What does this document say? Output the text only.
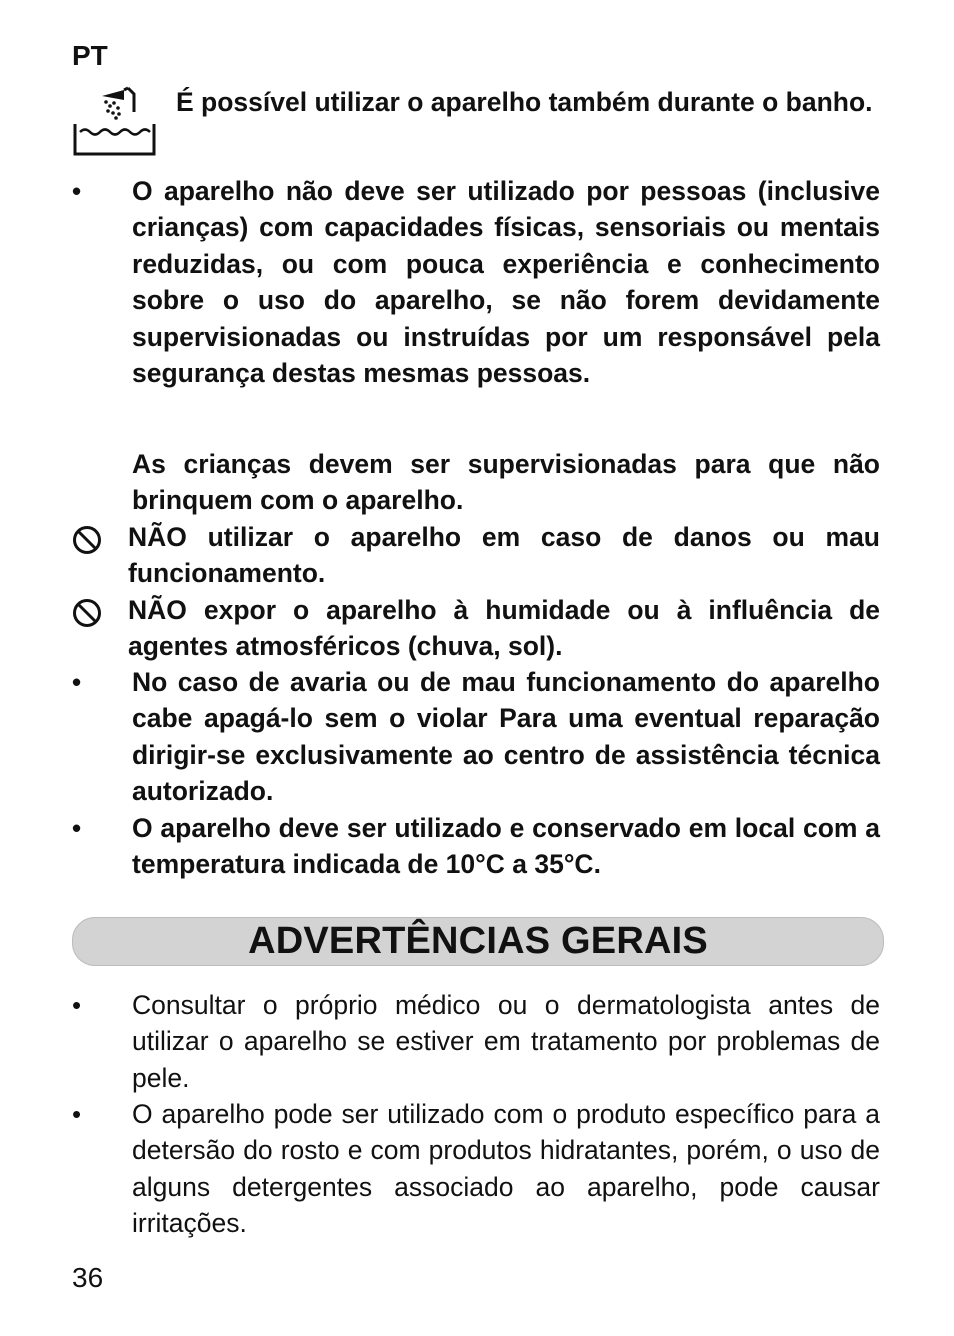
PT
É possível utilizar o aparelho também durante o banho.
• O aparelho não deve ser utilizado por pessoas (inclusive crianças) com capacidades físicas, sensoriais ou mentais reduzidas, ou com pouca experiência e conhecimento sobre o uso do aparelho, se não forem devidamente supervisionadas ou instruídas por um responsável pela segurança destas mesmas pessoas.
As crianças devem ser supervisionadas para que não brinquem com o aparelho.
NÃO utilizar o aparelho em caso de danos ou mau funcionamento.
NÃO expor o aparelho à humidade ou à influência de agentes atmosféricos (chuva, sol).
• No caso de avaria ou de mau funcionamento do aparelho cabe apagá-lo sem o violar Para uma eventual reparação dirigir-se exclusivamente ao centro de assistência técnica autorizado.
• O aparelho deve ser utilizado e conservado em local com a temperatura indicada de 10°C a 35°C.
ADVERTÊNCIAS GERAIS
• Consultar o próprio médico ou o dermatologista antes de utilizar o aparelho se estiver em tratamento por problemas de pele.
• O aparelho pode ser utilizado com o produto específico para a detersão do rosto e com produtos hidratantes, porém, o uso de alguns detergentes associado ao aparelho, pode causar irritações.
36
